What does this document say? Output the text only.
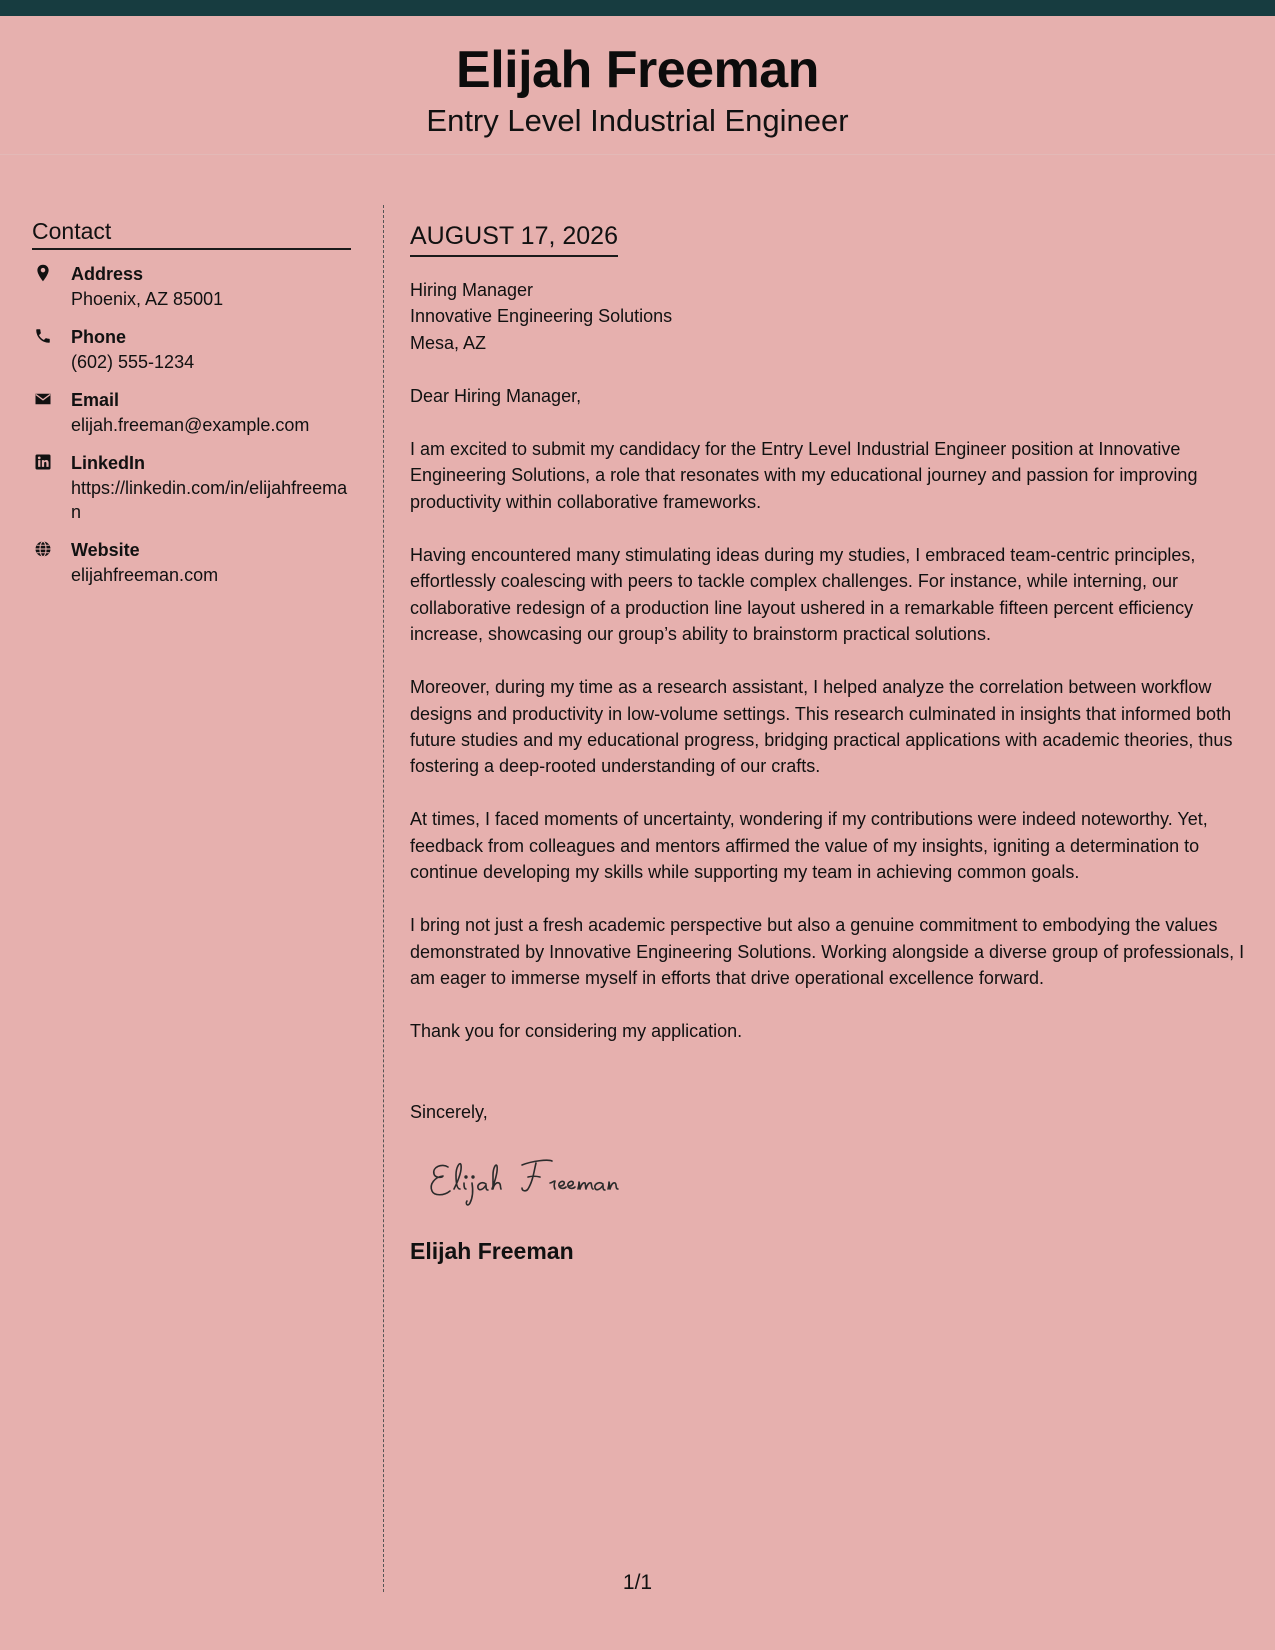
Elijah Freeman
Entry Level Industrial Engineer
Contact
Address
Phoenix, AZ 85001
Phone
(602) 555-1234
Email
elijah.freeman@example.com
LinkedIn
https://linkedin.com/in/elijahfreeman
Website
elijahfreeman.com
AUGUST 17, 2026
Hiring Manager
Innovative Engineering Solutions
Mesa, AZ

Dear Hiring Manager,

I am excited to submit my candidacy for the Entry Level Industrial Engineer position at Innovative Engineering Solutions, a role that resonates with my educational journey and passion for improving productivity within collaborative frameworks.

Having encountered many stimulating ideas during my studies, I embraced team-centric principles, effortlessly coalescing with peers to tackle complex challenges. For instance, while interning, our collaborative redesign of a production line layout ushered in a remarkable fifteen percent efficiency increase, showcasing our group’s ability to brainstorm practical solutions.

Moreover, during my time as a research assistant, I helped analyze the correlation between workflow designs and productivity in low-volume settings. This research culminated in insights that informed both future studies and my educational progress, bridging practical applications with academic theories, thus fostering a deep-rooted understanding of our crafts.

At times, I faced moments of uncertainty, wondering if my contributions were indeed noteworthy. Yet, feedback from colleagues and mentors affirmed the value of my insights, igniting a determination to continue developing my skills while supporting my team in achieving common goals.

I bring not just a fresh academic perspective but also a genuine commitment to embodying the values demonstrated by Innovative Engineering Solutions. Working alongside a diverse group of professionals, I am eager to immerse myself in efforts that drive operational excellence forward.

Thank you for considering my application.

Sincerely,

Elijah Freeman
1/1
